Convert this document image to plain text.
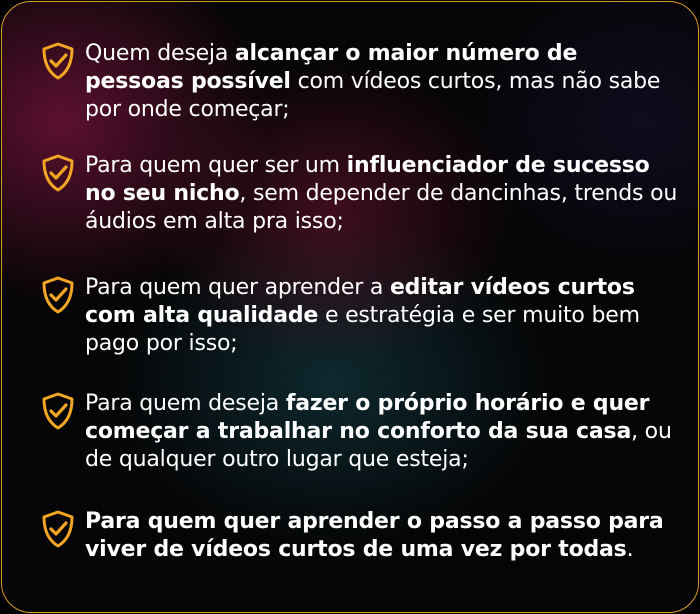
Quem deseja alcançar o maior número de pessoas possível com vídeos curtos, mas não sabe por onde começar;
Para quem quer ser um influenciador de sucesso no seu nicho, sem depender de dancinhas, trends ou áudios em alta pra isso;
Para quem quer aprender a editar vídeos curtos com alta qualidade e estratégia e ser muito bem pago por isso;
Para quem deseja fazer o próprio horário e quer começar a trabalhar no conforto da sua casa, ou de qualquer outro lugar que esteja;
Para quem quer aprender o passo a passo para viver de vídeos curtos de uma vez por todas.
